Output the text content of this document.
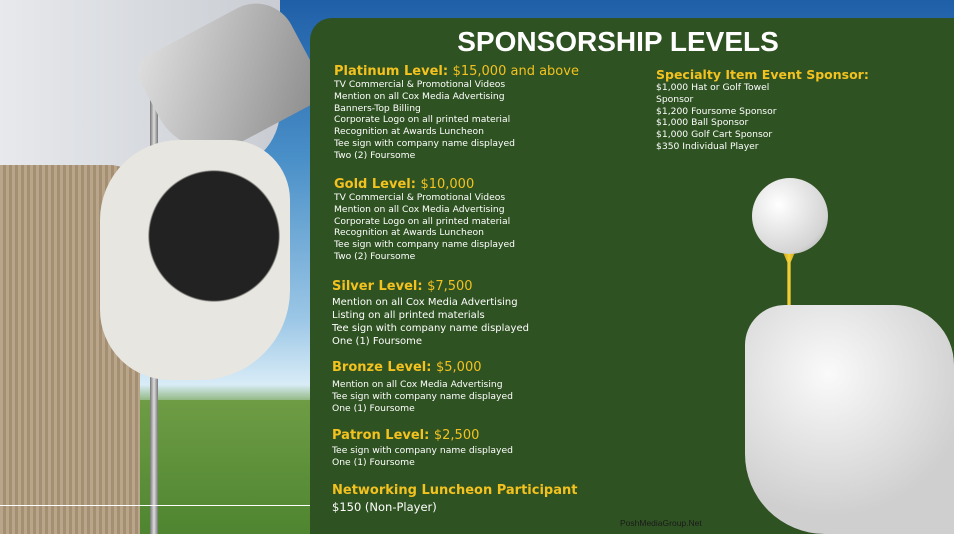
SPONSORSHIP LEVELS
Platinum Level: $15,000 and above
TV Commercial & Promotional Videos
Mention on all Cox Media Advertising
Banners-Top Billing
Corporate Logo on all printed material
Recognition at Awards Luncheon
Tee sign with company name displayed
Two (2) Foursome
Gold Level: $10,000
TV Commercial & Promotional Videos
Mention on all Cox Media Advertising
Corporate Logo on all printed material
Recognition at Awards Luncheon
Tee sign with company name displayed
Two (2) Foursome
Silver Level: $7,500
Mention on all Cox Media Advertising
Listing on all printed materials
Tee sign with company name displayed
One (1) Foursome
Bronze Level: $5,000
Mention on all Cox Media Advertising
Tee sign with company name displayed
One (1) Foursome
Patron Level: $2,500
Tee sign with company name displayed
One (1) Foursome
Networking Luncheon Participant
$150 (Non-Player)
Specialty Item Event Sponsor:
$1,000 Hat or Golf Towel
Sponsor
$1,200 Foursome Sponsor
$1,000 Ball Sponsor
$1,000 Golf Cart Sponsor
$350 Individual Player
PoshMediaGroup.Net
